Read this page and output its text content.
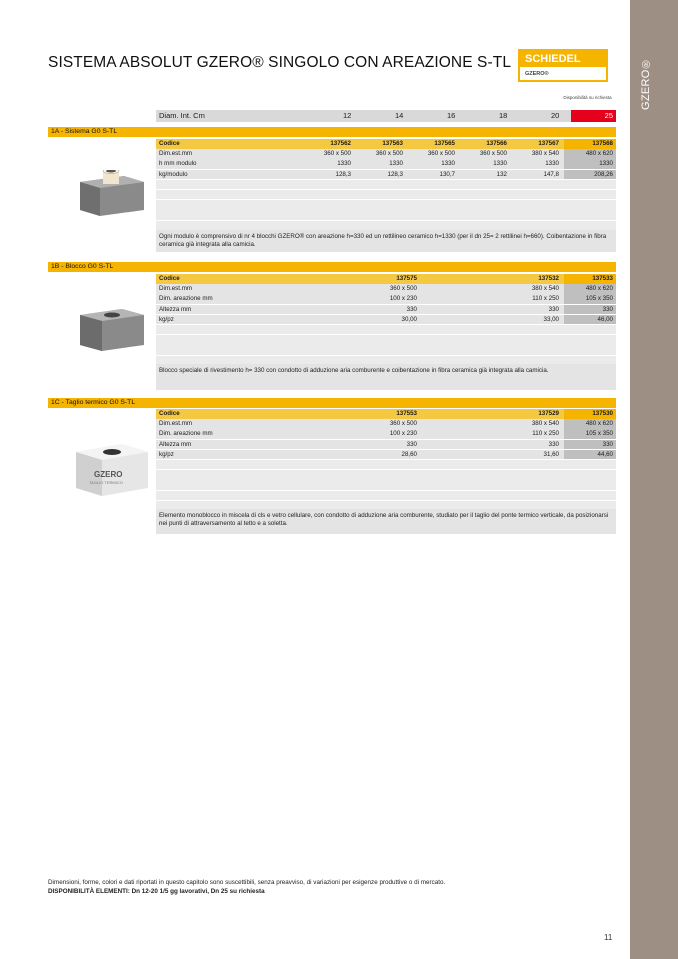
GZERO®
SISTEMA ABSOLUT GZERO® SINGOLO CON AREAZIONE S-TL	SCHIEDEL
GZERO®
Disponibilità su richiesta
Diam. Int. Cm	12	14	16	18	20	25
1A - Sistema G0 S-TL
Codice	137562	137563	137565	137566	137567	137568
Dim.est.mm	360 x 500	360 x 500	360 x 500	360 x 500	380 x 540	480 x 620
h mm modulo	1330	1330	1330	1330	1330	1330
kg/modulo	128,3	128,3	130,7	132	147,8	208,26
Ogni modulo è comprensivo di nr 4 blocchi GZERO® con areazione h=330 ed un rettilineo ceramico h=1330 (per il dn 25= 2 rettilinei h=660). Coibentazione in fibra ceramica già integrata alla camicia.
1B - Blocco G0 S-TL
Codice	137575	137532	137533
Dim.est.mm	360 x 500	380 x 540	480 x 620
Dim. areazione mm	100 x 230	110 x 250	105 x 350
Altezza mm	330	330	330
kg/pz	30,00	33,00	46,00
Blocco speciale di rivestimento h= 330 con condotto di adduzione aria comburente e coibentazione in fibra ceramica già integrata alla camicia.
1C - Taglio termico G0 S-TL
GZERO
TAGLIO TERMICO
Codice	137553	137529	137530
Dim.est.mm	360 x 500	380 x 540	480 x 620
Dim. areazione mm	100 x 230	110 x 250	105 x 350
Altezza mm	330	330	330
kg/pz	28,60	31,60	44,60
Elemento monoblocco in miscela di cls e vetro cellulare, con condotto di adduzione aria comburente, studiato per il taglio del ponte termico verticale, da posizionarsi nei punti di attraversamento al tetto e a soletta.
Dimensioni, forme, colori e dati riportati in questo capitolo sono suscettibili, senza preavviso, di variazioni per esigenze produttive o di mercato.
DISPONIBILITÀ ELEMENTI: Dn 12-20 1/5 gg lavorativi, Dn 25 su richiesta
11
